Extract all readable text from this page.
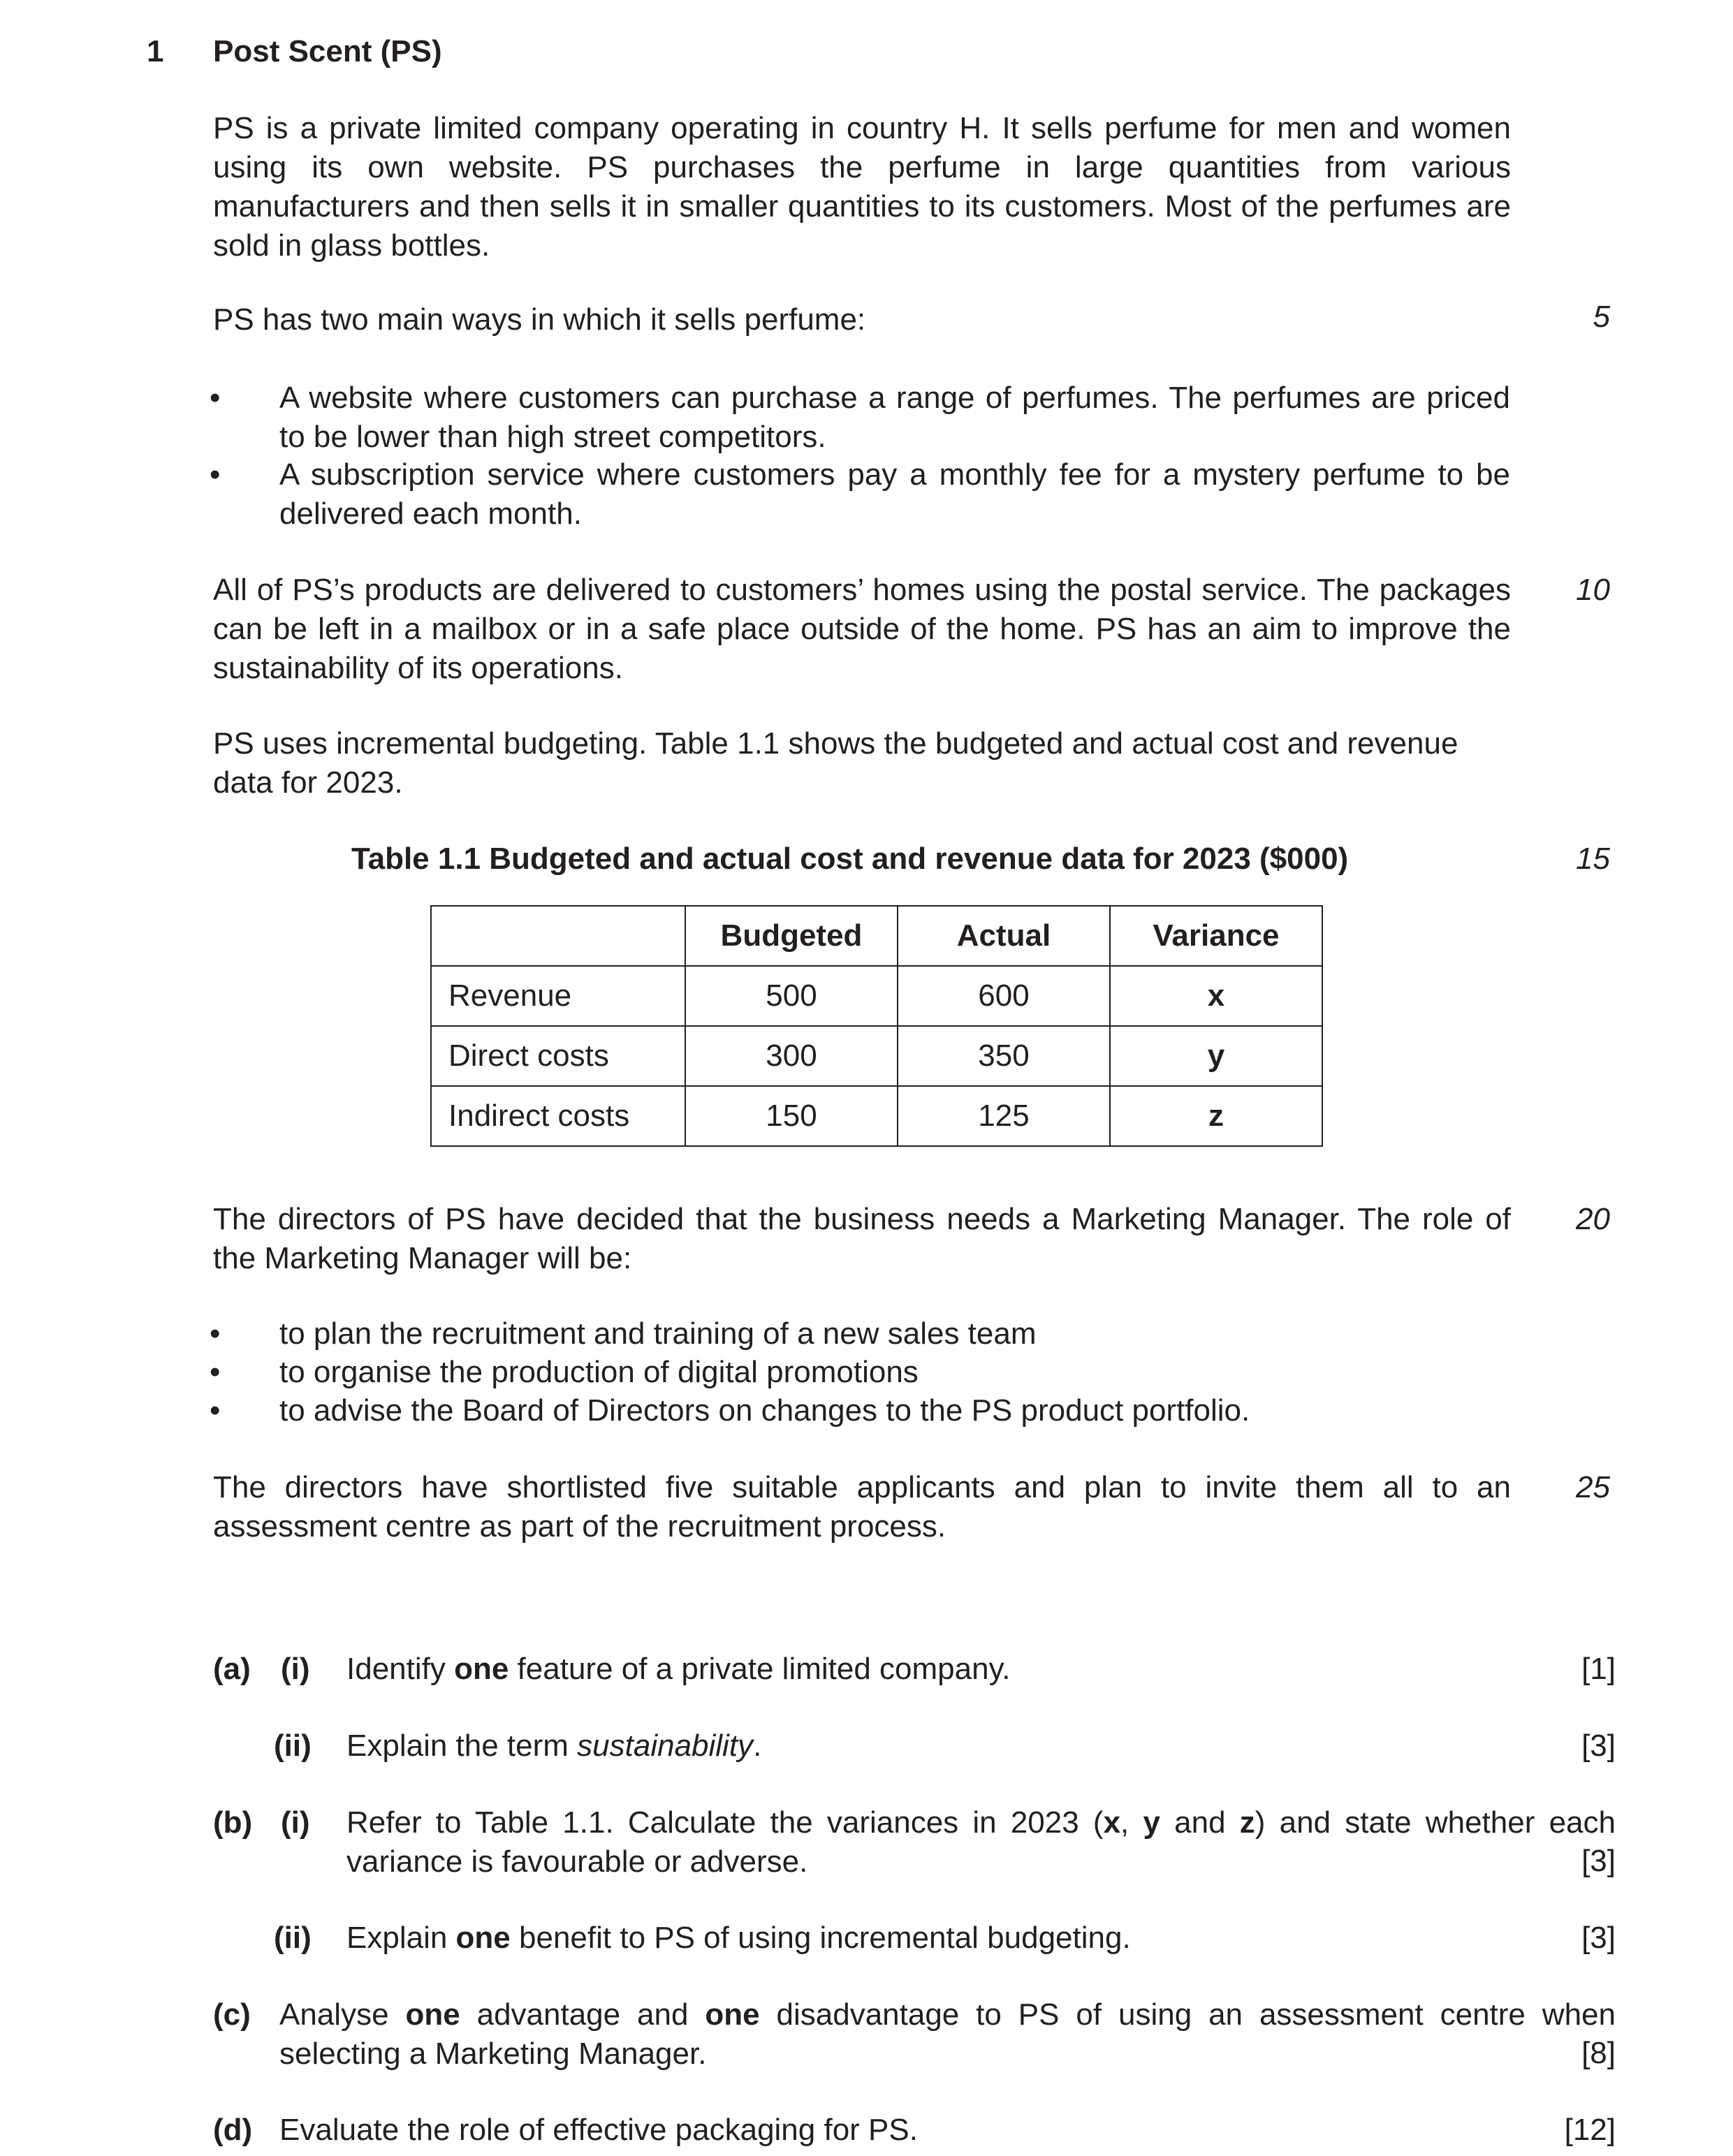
1 Post Scent (PS)

PS is a private limited company operating in country H. It sells perfume for men and women using its own website. PS purchases the perfume in large quantities from various manufacturers and then sells it in smaller quantities to its customers. Most of the perfumes are sold in glass bottles.

PS has two main ways in which it sells perfume:	5
• A website where customers can purchase a range of perfumes. The perfumes are priced to be lower than high street competitors.

• A subscription service where customers pay a monthly fee for a mystery perfume to be delivered each month.

All of PS’s products are delivered to customers’ homes using the postal service. The packages can be left in a mailbox or in a safe place outside of the home. PS has an aim to improve the sustainability of its operations.

10

PS uses incremental budgeting. Table 1.1 shows the budgeted and actual cost and revenue data for 2023.

Table 1.1 Budgeted and actual cost and revenue data for 2023 ($000)	15
	Budgeted	Actual	Variance
Revenue	500	600	x
Direct costs	300	350	y
Indirect costs	150	125	z

The directors of PS have decided that the business needs a Marketing Manager. The role of the Marketing Manager will be:

20
• to plan the recruitment and training of a new sales team

• to organise the production of digital promotions

• to advise the Board of Directors on changes to the PS product portfolio.

The directors have shortlisted five suitable applicants and plan to invite them all to an assessment centre as part of the recruitment process.

25
(a) (i) Identify one feature of a private limited company.	[1]
(ii) Explain the term sustainability.	[3]
(b) (i) Refer to Table 1.1. Calculate the variances in 2023 (x, y and z) and state whether each variance is favourable or adverse.	[3]
(ii) Explain one benefit to PS of using incremental budgeting.	[3]
(c) Analyse one advantage and one disadvantage to PS of using an assessment centre when selecting a Marketing Manager.	[8]
(d) Evaluate the role of effective packaging for PS.	[12]
